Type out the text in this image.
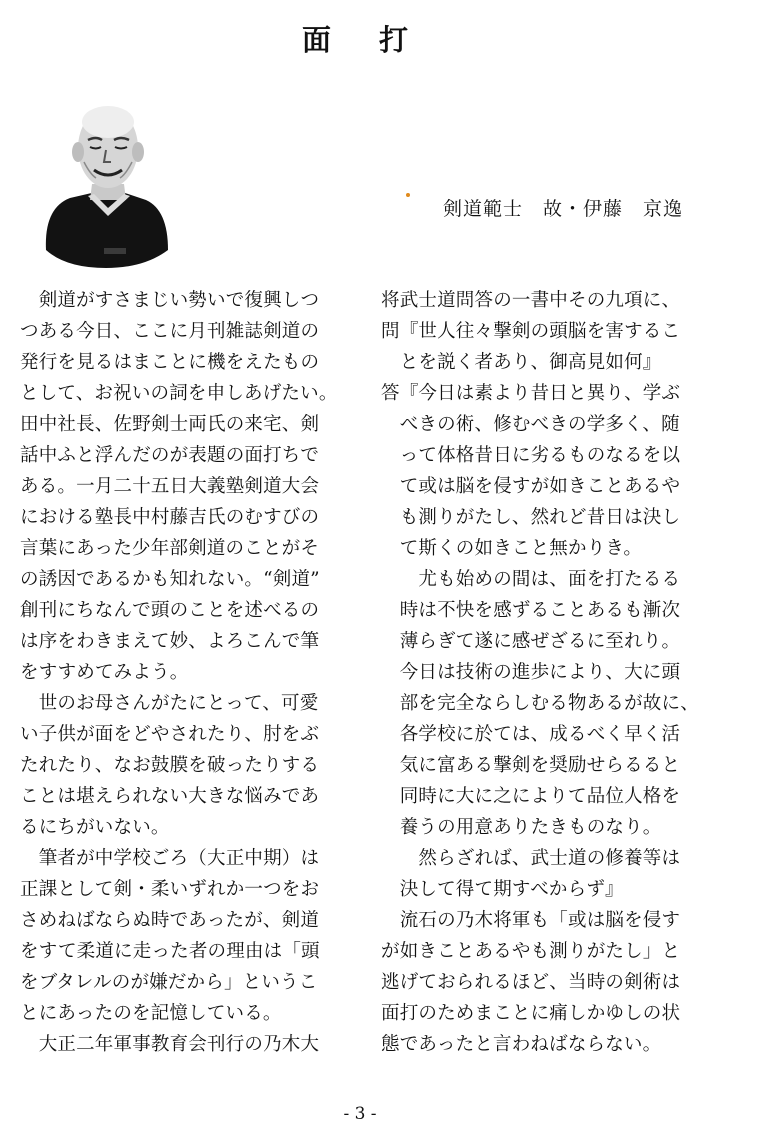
面 打
剣道範士　故・伊藤　京逸
　剣道がすさまじい勢いで復興しつ
つある今日、ここに月刊雑誌剣道の
発行を見るはまことに機をえたもの
として、お祝いの詞を申しあげたい。
田中社長、佐野剣士両氏の来宅、剣
話中ふと浮んだのが表題の面打ちで
ある。一月二十五日大義塾剣道大会
における塾長中村藤吉氏のむすびの
言葉にあった少年部剣道のことがそ
の誘因であるかも知れない。“剣道”
創刊にちなんで頭のことを述べるの
は序をわきまえて妙、よろこんで筆
をすすめてみよう。
　世のお母さんがたにとって、可愛
い子供が面をどやされたり、肘をぶ
たれたり、なお鼓膜を破ったりする
ことは堪えられない大きな悩みであ
るにちがいない。
　筆者が中学校ごろ（大正中期）は
正課として剣・柔いずれか一つをお
さめねばならぬ時であったが、剣道
をすて柔道に走った者の理由は「頭
をブタレルのが嫌だから」というこ
とにあったのを記憶している。
　大正二年軍事教育会刊行の乃木大
将武士道問答の一書中その九項に、
問『世人往々撃剣の頭脳を害するこ
　とを説く者あり、御高見如何』
答『今日は素より昔日と異り、学ぶ
　べきの術、修むべきの学多く、随
　って体格昔日に劣るものなるを以
　て或は脳を侵すが如きことあるや
　も測りがたし、然れど昔日は決し
　て斯くの如きこと無かりき。
　　尤も始めの間は、面を打たるる
　時は不快を感ずることあるも漸次
　薄らぎて遂に感ぜざるに至れり。
　今日は技術の進歩により、大に頭
　部を完全ならしむる物あるが故に、
　各学校に於ては、成るべく早く活
　気に富ある撃剣を奨励せらるると
　同時に大に之によりて品位人格を
　養うの用意ありたきものなり。
　　然らざれば、武士道の修養等は
　決して得て期すべからず』
　流石の乃木将軍も「或は脳を侵す
が如きことあるやも測りがたし」と
逃げておられるほど、当時の剣術は
面打のためまことに痛しかゆしの状
態であったと言わねばならない。
- 3 -
